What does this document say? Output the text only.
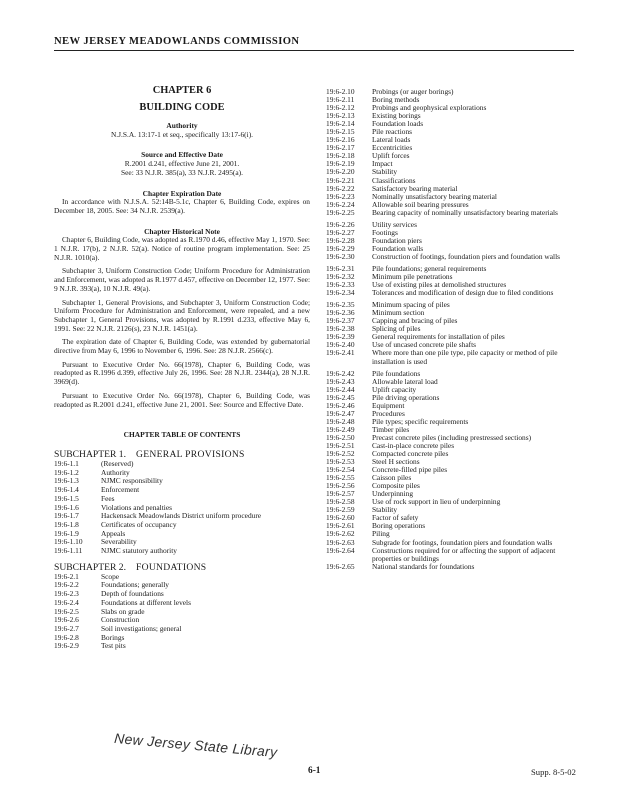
NEW JERSEY MEADOWLANDS COMMISSION
CHAPTER 6
BUILDING CODE
Authority
N.J.S.A. 13:17-1 et seq., specifically 13:17-6(i).
Source and Effective Date
R.2001 d.241, effective June 21, 2001.
See: 33 N.J.R. 385(a), 33 N.J.R. 2495(a).
Chapter Expiration Date
In accordance with N.J.S.A. 52:14B-5.1c, Chapter 6, Building Code, expires on December 18, 2005. See: 34 N.J.R. 2539(a).
Chapter Historical Note
Chapter 6, Building Code, was adopted as R.1970 d.46, effective May 1, 1970. See: 1 N.J.R. 17(b), 2 N.J.R. 52(a). Notice of routine program implementation. See: 25 N.J.R. 1010(a).
Subchapter 3, Uniform Construction Code; Uniform Procedure for Administration and Enforcement, was adopted as R.1977 d.457, effective on December 12, 1977. See: 9 N.J.R. 393(a), 10 N.J.R. 49(a).
Subchapter 1, General Provisions, and Subchapter 3, Uniform Construction Code; Uniform Procedure for Administration and Enforcement, were repealed, and a new Subchapter 1, General Provisions, was adopted by R.1991 d.233, effective May 6, 1991. See: 22 N.J.R. 2126(s), 23 N.J.R. 1451(a).
The expiration date of Chapter 6, Building Code, was extended by gubernatorial directive from May 6, 1996 to November 6, 1996. See: 28 N.J.R. 2566(c).
Pursuant to Executive Order No. 66(1978), Chapter 6, Building Code, was readopted as R.1996 d.399, effective July 26, 1996. See: 28 N.J.R. 2344(a), 28 N.J.R. 3969(d).
Pursuant to Executive Order No. 66(1978), Chapter 6, Building Code, was readopted as R.2001 d.241, effective June 21, 2001. See: Source and Effective Date.
CHAPTER TABLE OF CONTENTS
SUBCHAPTER 1. GENERAL PROVISIONS
19:6-1.1	(Reserved)
19:6-1.2	Authority
19:6-1.3	NJMC responsibility
19:6-1.4	Enforcement
19:6-1.5	Fees
19:6-1.6	Violations and penalties
19:6-1.7	Hackensack Meadowlands District uniform procedure
19:6-1.8	Certificates of occupancy
19:6-1.9	Appeals
19:6-1.10	Severability
19:6-1.11	NJMC statutory authority
SUBCHAPTER 2. FOUNDATIONS
19:6-2.1	Scope
19:6-2.2	Foundations; generally
19:6-2.3	Depth of foundations
19:6-2.4	Foundations at different levels
19:6-2.5	Slabs on grade
19:6-2.6	Construction
19:6-2.7	Soil investigations; general
19:6-2.8	Borings
19:6-2.9	Test pits
19:6-2.10	Probings (or auger borings)
19:6-2.11	Boring methods
19:6-2.12	Probings and geophysical explorations
19:6-2.13	Existing borings
19:6-2.14	Foundation loads
19:6-2.15	Pile reactions
19:6-2.16	Lateral loads
19:6-2.17	Eccentricities
19:6-2.18	Uplift forces
19:6-2.19	Impact
19:6-2.20	Stability
19:6-2.21	Classifications
19:6-2.22	Satisfactory bearing material
19:6-2.23	Nominally unsatisfactory bearing material
19:6-2.24	Allowable soil bearing pressures
19:6-2.25	Bearing capacity of nominally unsatisfactory bearing materials
19:6-2.26	Utility services
19:6-2.27	Footings
19:6-2.28	Foundation piers
19:6-2.29	Foundation walls
19:6-2.30	Construction of footings, foundation piers and foundation walls
19:6-2.31	Pile foundations; general requirements
19:6-2.32	Minimum pile penetrations
19:6-2.33	Use of existing piles at demolished structures
19:6-2.34	Tolerances and modification of design due to filed conditions
19:6-2.35	Minimum spacing of piles
19:6-2.36	Minimum section
19:6-2.37	Capping and bracing of piles
19:6-2.38	Splicing of piles
19:6-2.39	General requirements for installation of piles
19:6-2.40	Use of uncased concrete pile shafts
19:6-2.41	Where more than one pile type, pile capacity or method of pile installation is used
19:6-2.42	Pile foundations
19:6-2.43	Allowable lateral load
19:6-2.44	Uplift capacity
19:6-2.45	Pile driving operations
19:6-2.46	Equipment
19:6-2.47	Procedures
19:6-2.48	Pile types; specific requirements
19:6-2.49	Timber piles
19:6-2.50	Precast concrete piles (including prestressed sections)
19:6-2.51	Cast-in-place concrete piles
19:6-2.52	Compacted concrete piles
19:6-2.53	Steel H sections
19:6-2.54	Concrete-filled pipe piles
19:6-2.55	Caisson piles
19:6-2.56	Composite piles
19:6-2.57	Underpinning
19:6-2.58	Use of rock support in lieu of underpinning
19:6-2.59	Stability
19:6-2.60	Factor of safety
19:6-2.61	Boring operations
19:6-2.62	Piling
19:6-2.63	Subgrade for footings, foundation piers and foundation walls
19:6-2.64	Constructions required for or affecting the support of adjacent properties or buildings
19:6-2.65	National standards for foundations
New Jersey State Library
6-1	Supp. 8-5-02
